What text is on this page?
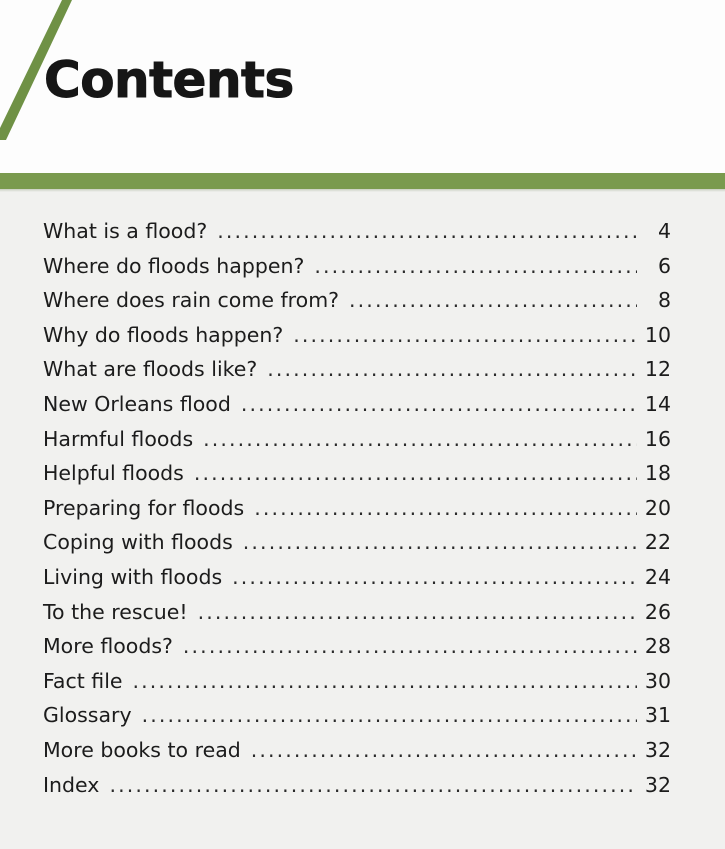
Contents
What is a flood? . . .	4
Where do floods happen? . . .	6
Where does rain come from? . . .	8
Why do floods happen? . . .	10
What are floods like? . . .	12
New Orleans flood . . .	14
Harmful floods . . .	16
Helpful floods . . .	18
Preparing for floods . . .	20
Coping with floods . . .	22
Living with floods . . .	24
To the rescue! . . .	26
More floods? . . .	28
Fact file . . .	30
Glossary . . .	31
More books to read . . .	32
Index . . .	32
